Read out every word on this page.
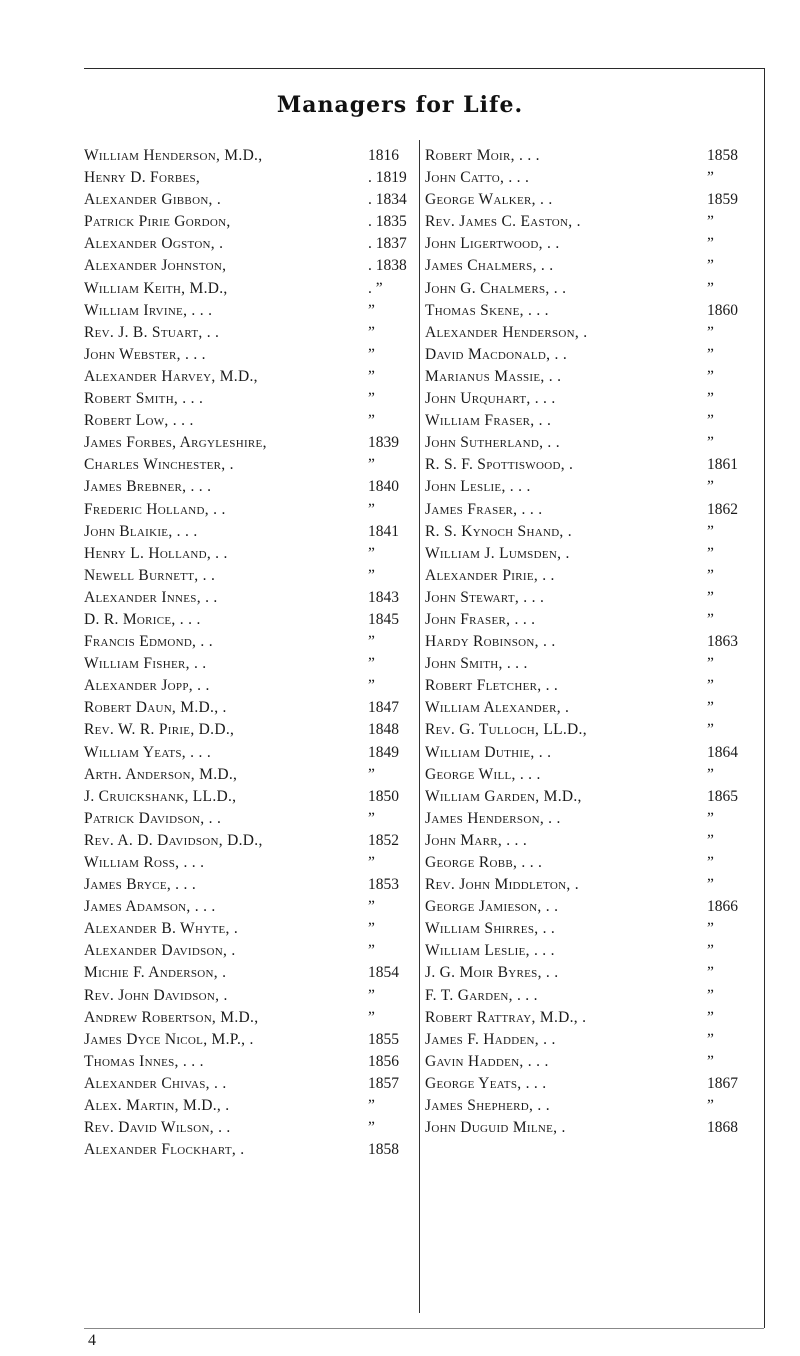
Managers for Life.
William Henderson, M.D.,	1816
Henry D. Forbes,	. 1819
Alexander Gibbon, .	. 1834
Patrick Pirie Gordon,	. 1835
Alexander Ogston, .	. 1837
Alexander Johnston,	. 1838
William Keith, M.D.,	. ”
William Irvine, . . .	”
Rev. J. B. Stuart, . .	”
John Webster, . . .	”
Alexander Harvey, M.D.,	”
Robert Smith, . . .	”
Robert Low, . . .	”
James Forbes, Argyleshire,	1839
Charles Winchester, .	”
James Brebner, . . .	1840
Frederic Holland, . .	”
John Blaikie, . . .	1841
Henry L. Holland, . .	”
Newell Burnett, . .	”
Alexander Innes, . .	1843
D. R. Morice, . . .	1845
Francis Edmond, . .	”
William Fisher, . .	”
Alexander Jopp, . .	”
Robert Daun, M.D., .	1847
Rev. W. R. Pirie, D.D.,	1848
William Yeats, . . .	1849
Arth. Anderson, M.D.,	”
J. Cruickshank, LL.D.,	1850
Patrick Davidson, . .	”
Rev. A. D. Davidson, D.D.,	1852
William Ross, . . .	”
James Bryce, . . .	1853
James Adamson, . . .	”
Alexander B. Whyte, .	”
Alexander Davidson, .	”
Michie F. Anderson, .	1854
Rev. John Davidson, .	”
Andrew Robertson, M.D.,	”
James Dyce Nicol, M.P., .	1855
Thomas Innes, . . .	1856
Alexander Chivas, . .	1857
Alex. Martin, M.D., .	”
Rev. David Wilson, . .	”
Alexander Flockhart, .	1858
Robert Moir, . . .	1858
John Catto, . . .	”
George Walker, . .	1859
Rev. James C. Easton, .	”
John Ligertwood, . .	”
James Chalmers, . .	”
John G. Chalmers, . .	”
Thomas Skene, . . .	1860
Alexander Henderson, .	”
David Macdonald, . .	”
Marianus Massie, . .	”
John Urquhart, . . .	”
William Fraser, . .	”
John Sutherland, . .	”
R. S. F. Spottiswood, .	1861
John Leslie, . . .	”
James Fraser, . . .	1862
R. S. Kynoch Shand, .	”
William J. Lumsden, .	”
Alexander Pirie, . .	”
John Stewart, . . .	”
John Fraser, . . .	”
Hardy Robinson, . .	1863
John Smith, . . .	”
Robert Fletcher, . .	”
William Alexander, .	”
Rev. G. Tulloch, LL.D.,	”
William Duthie, . .	1864
George Will, . . .	”
William Garden, M.D.,	1865
James Henderson, . .	”
John Marr, . . .	”
George Robb, . . .	”
Rev. John Middleton, .	”
George Jamieson, . .	1866
William Shirres, . .	”
William Leslie, . . .	”
J. G. Moir Byres, . .	”
F. T. Garden, . . .	”
Robert Rattray, M.D., .	”
James F. Hadden, . .	”
Gavin Hadden, . . .	”
George Yeats, . . .	1867
James Shepherd, . .	”
John Duguid Milne, .	1868
4
